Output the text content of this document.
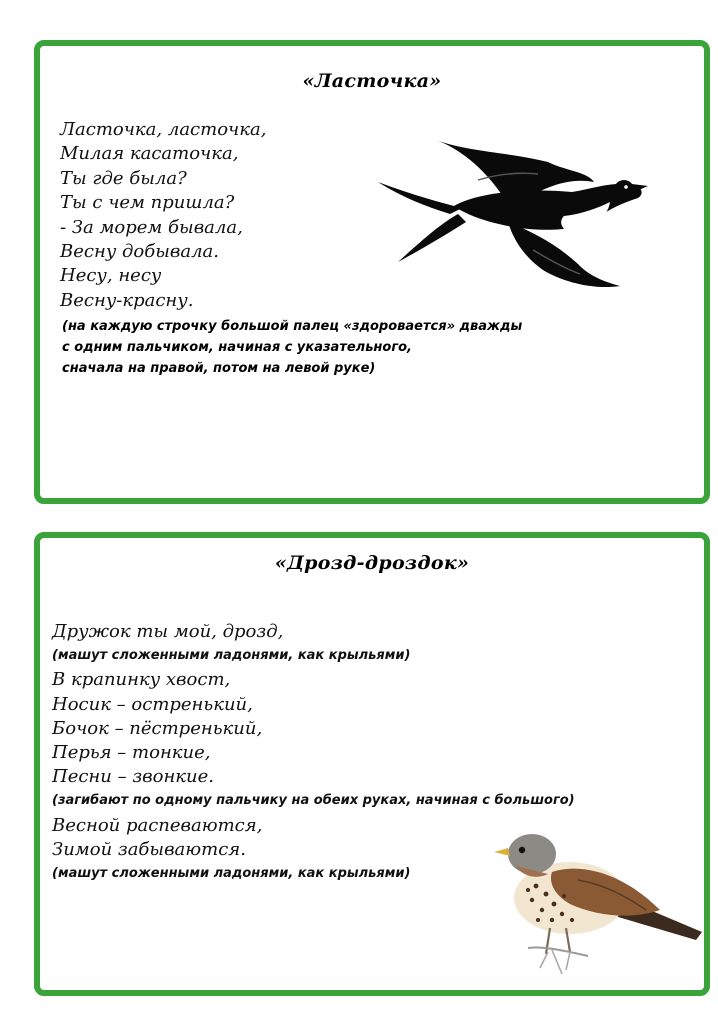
«Ласточка»
Ласточка, ласточка,
Милая касаточка,
Ты где была?
Ты с чем пришла?
- За морем бывала,
Весну добывала.
Несу, несу
Весну-красну.
(на каждую строчку большой палец «здоровается» дважды
с одним пальчиком, начиная с указательного,
сначала на правой, потом на левой руке)
«Дрозд-дроздок»
Дружок ты мой, дрозд,
(машут сложенными ладонями, как крыльями)
В крапинку хвост,
Носик – остренький,
Бочок – пёстренький,
Перья – тонкие,
Песни – звонкие.
(загибают по одному пальчику на обеих руках, начиная с большого)
Весной распеваются,
Зимой забываются.
(машут сложенными ладонями, как крыльями)
